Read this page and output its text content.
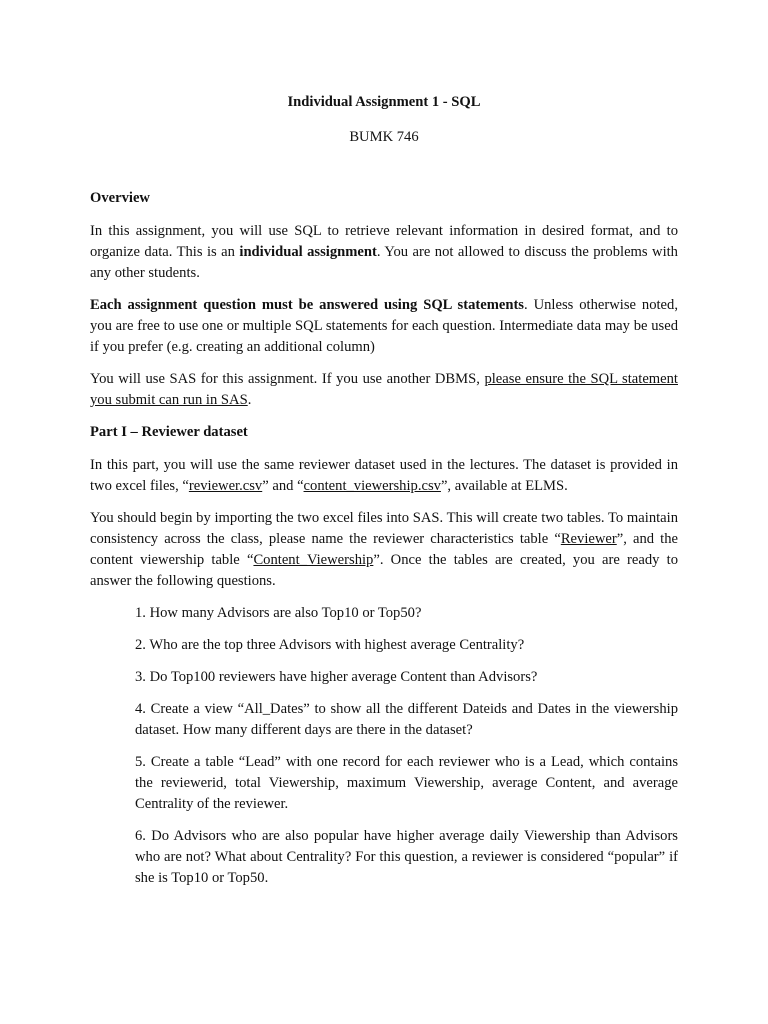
Individual Assignment 1 - SQL
BUMK 746
Overview

In this assignment, you will use SQL to retrieve relevant information in desired format, and to organize data. This is an individual assignment. You are not allowed to discuss the problems with any other students.

Each assignment question must be answered using SQL statements. Unless otherwise noted, you are free to use one or multiple SQL statements for each question. Intermediate data may be used if you prefer (e.g. creating an additional column)

You will use SAS for this assignment. If you use another DBMS, please ensure the SQL statement you submit can run in SAS.

Part I – Reviewer dataset

In this part, you will use the same reviewer dataset used in the lectures. The dataset is provided in two excel files, “reviewer.csv” and “content_viewership.csv”, available at ELMS.

You should begin by importing the two excel files into SAS. This will create two tables. To maintain consistency across the class, please name the reviewer characteristics table “Reviewer”, and the content viewership table “Content_Viewership”. Once the tables are created, you are ready to answer the following questions.

1. How many Advisors are also Top10 or Top50?
2. Who are the top three Advisors with highest average Centrality?
3. Do Top100 reviewers have higher average Content than Advisors?
4. Create a view “All_Dates” to show all the different Dateids and Dates in the viewership dataset. How many different days are there in the dataset?
5. Create a table “Lead” with one record for each reviewer who is a Lead, which contains the reviewerid, total Viewership, maximum Viewership, average Content, and average Centrality of the reviewer.
6. Do Advisors who are also popular have higher average daily Viewership than Advisors who are not? What about Centrality? For this question, a reviewer is considered “popular” if she is Top10 or Top50.
